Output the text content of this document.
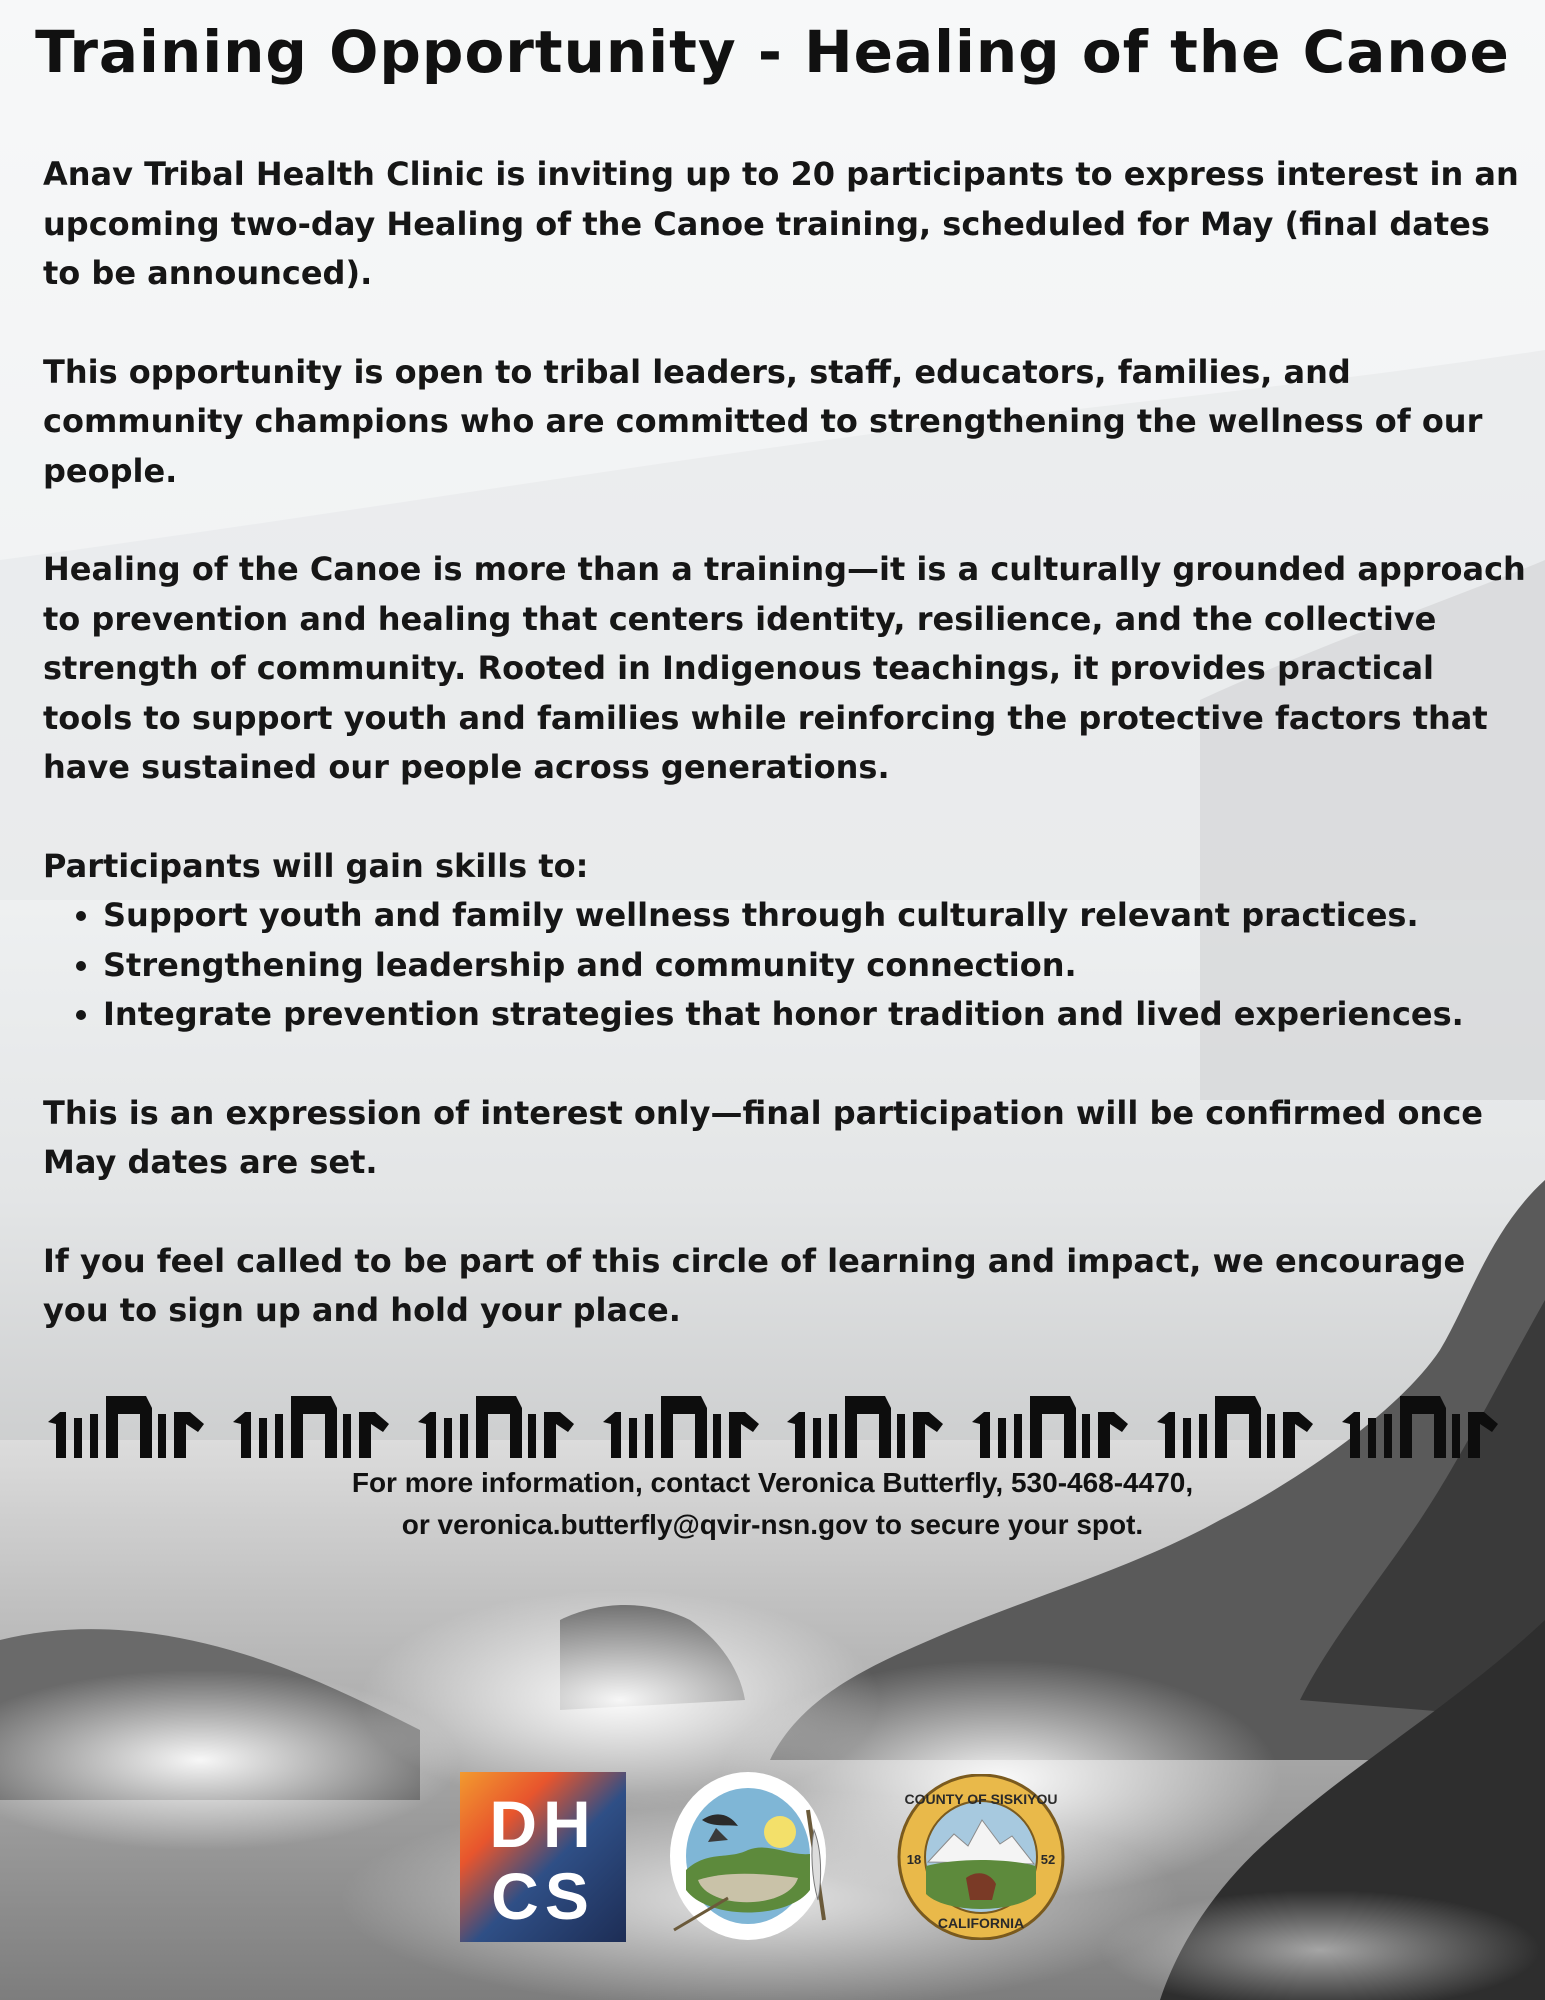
Training Opportunity - Healing of the Canoe

Anav Tribal Health Clinic is inviting up to 20 participants to express interest in an upcoming two-day Healing of the Canoe training, scheduled for May (final dates to be announced).

This opportunity is open to tribal leaders, staff, educators, families, and community champions who are committed to strengthening the wellness of our people.

Healing of the Canoe is more than a training—it is a culturally grounded approach to prevention and healing that centers identity, resilience, and the collective strength of community. Rooted in Indigenous teachings, it provides practical tools to support youth and families while reinforcing the protective factors that have sustained our people across generations.

Participants will gain skills to:
• Support youth and family wellness through culturally relevant practices.
• Strengthening leadership and community connection.
• Integrate prevention strategies that honor tradition and lived experiences.

This is an expression of interest only—final participation will be confirmed once May dates are set.

If you feel called to be part of this circle of learning and impact, we encourage you to sign up and hold your place.

For more information, contact Veronica Butterfly, 530-468-4470,
or veronica.butterfly@qvir-nsn.gov to secure your spot.
DH
CS
COUNTY OF SISKIYOU
18	52
CALIFORNIA
